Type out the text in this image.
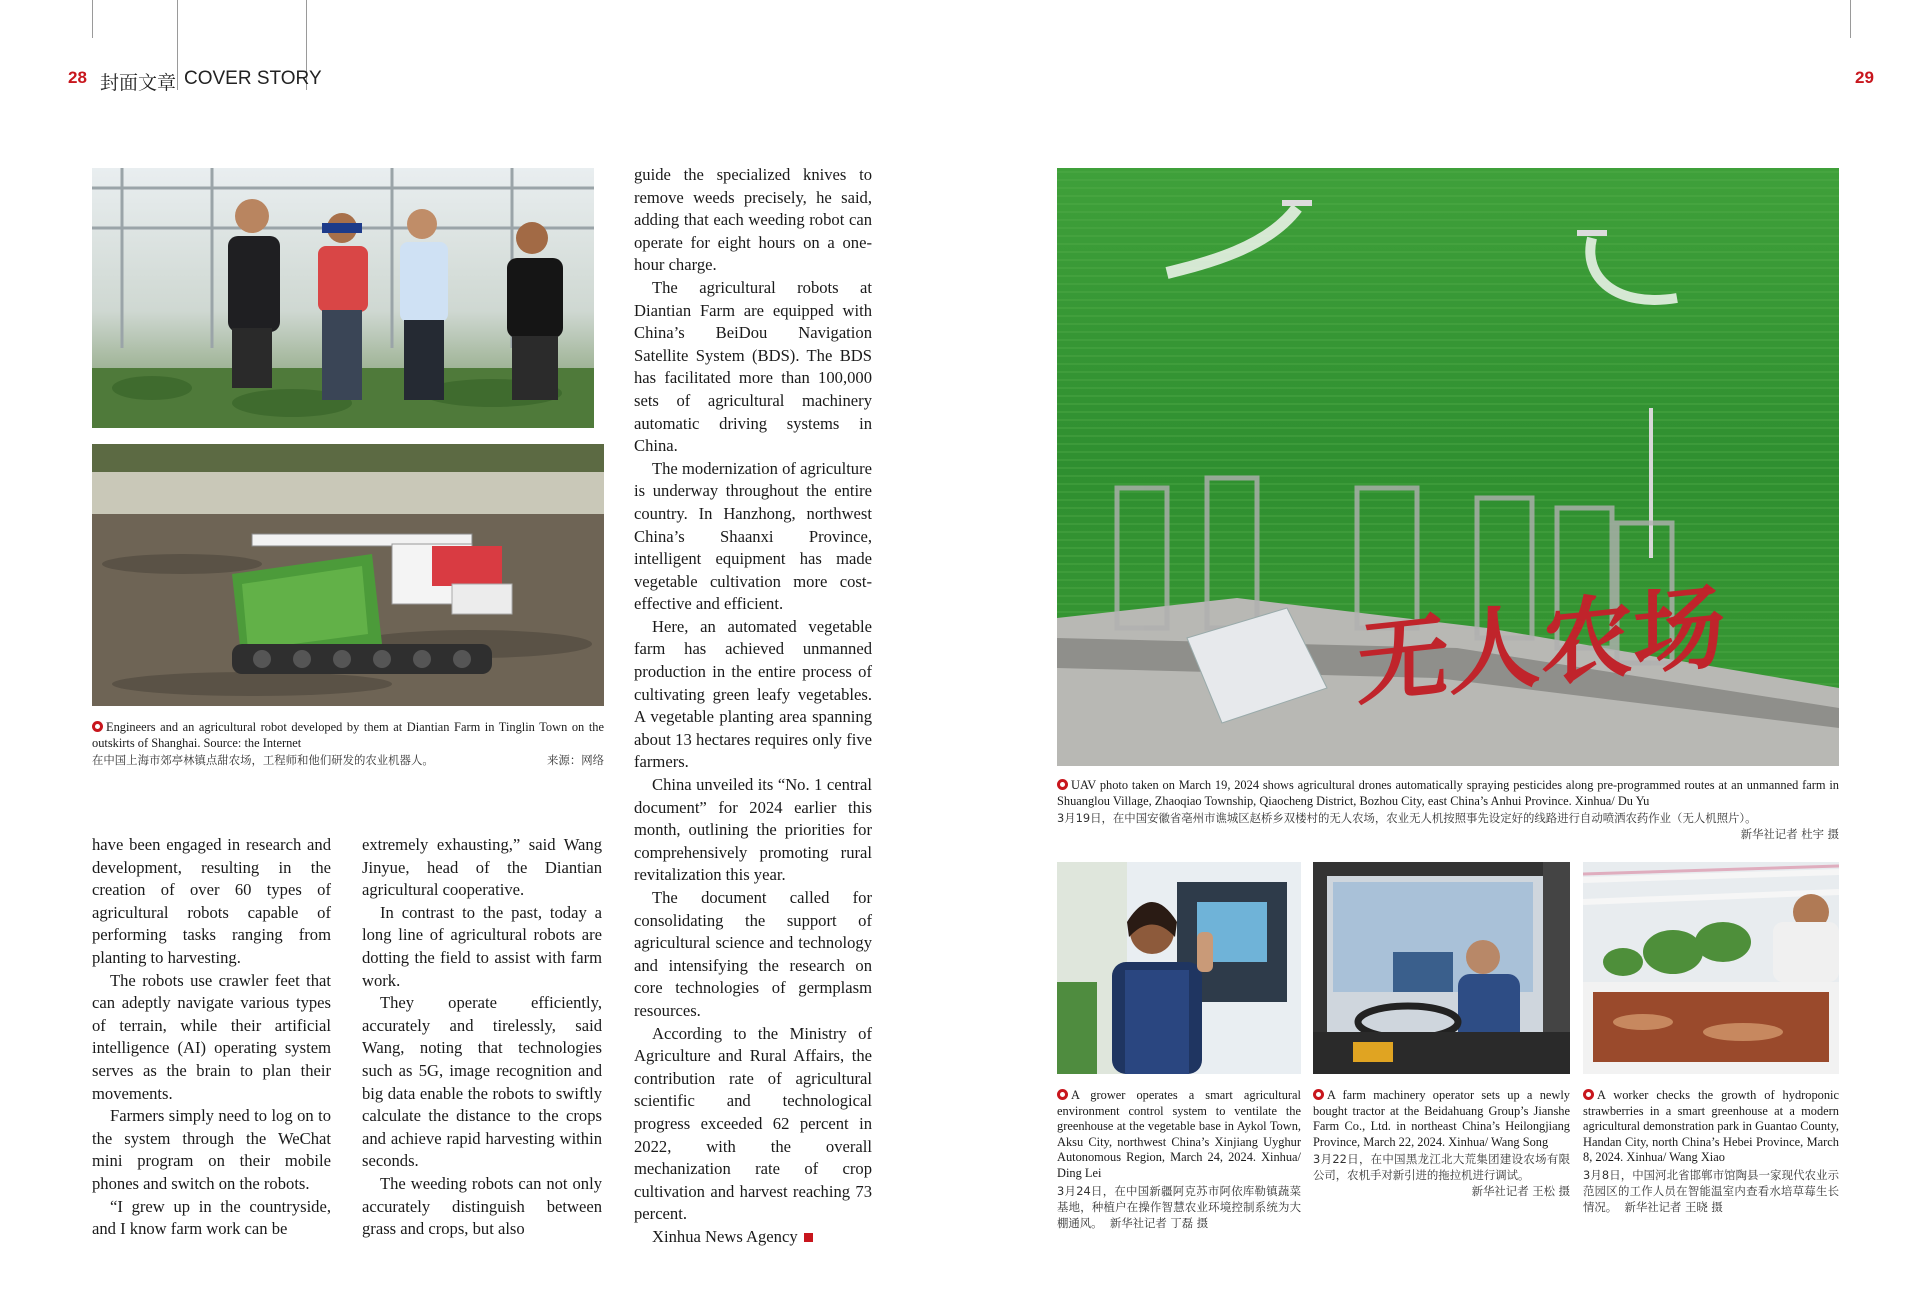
28 封面文章 COVER STORY	29
Engineers and an agricultural robot developed by them at Diantian Farm in Tinglin Town on the outskirts of Shanghai. Source: the Internet
在中国上海市郊亭林镇点甜农场，工程师和他们研发的农业机器人。	来源：网络

have been engaged in research and development, resulting in the creation of over 60 types of agricultural robots capable of performing tasks ranging from planting to harvesting.

The robots use crawler feet that can adeptly navigate various types of terrain, while their artificial intelligence (AI) operating system serves as the brain to plan their movements.

Farmers simply need to log on to the system through the WeChat mini program on their mobile phones and switch on the robots.

“I grew up in the countryside, and I know farm work can be

extremely exhausting,” said Wang Jinyue, head of the Diantian agricultural cooperative.

In contrast to the past, today a long line of agricultural robots are dotting the field to assist with farm work.

They operate efficiently, accurately and tirelessly, said Wang, noting that technologies such as 5G, image recognition and big data enable the robots to swiftly calculate the distance to the crops and achieve rapid harvesting within seconds.

The weeding robots can not only accurately distinguish between grass and crops, but also

guide the specialized knives to remove weeds precisely, he said, adding that each weeding robot can operate for eight hours on a one-hour charge.

The agricultural robots at Diantian Farm are equipped with China’s BeiDou Navigation Satellite System (BDS). The BDS has facilitated more than 100,000 sets of agricultural machinery automatic driving systems in China.

The modernization of agriculture is underway throughout the entire country. In Hanzhong, northwest China’s Shaanxi Province, intelligent equipment has made vegetable cultivation more cost-effective and efficient.

Here, an automated vegetable farm has achieved unmanned production in the entire process of cultivating green leafy vegetables. A vegetable planting area spanning about 13 hectares requires only five farmers.

China unveiled its “No. 1 central document” for 2024 earlier this month, outlining the priorities for comprehensively promoting rural revitalization this year.

The document called for consolidating the support of agricultural science and technology and intensifying the research on core technologies of germplasm resources.

According to the Ministry of Agriculture and Rural Affairs, the contribution rate of agricultural scientific and technological progress exceeded 62 percent in 2022, with the overall mechanization rate of crop cultivation and harvest reaching 73 percent.

Xinhua News Agency

无人农场
UAV photo taken on March 19, 2024 shows agricultural drones automatically spraying pesticides along pre-programmed routes at an unmanned farm in Shuanglou Village, Zhaoqiao Township, Qiaocheng District, Bozhou City, east China’s Anhui Province. Xinhua/ Du Yu
3月19日，在中国安徽省亳州市谯城区赵桥乡双楼村的无人农场，农业无人机按照事先设定好的线路进行自动喷洒农药作业（无人机照片）。
新华社记者 杜宇 摄
A grower operates a smart agricultural environment control system to ventilate the greenhouse at the vegetable base in Aykol Town, Aksu City, northwest China’s Xinjiang Uyghur Autonomous Region, March 24, 2024. Xinhua/ Ding Lei
3月24日，在中国新疆阿克苏市阿依库勒镇蔬菜基地，种植户在操作智慧农业环境控制系统为大棚通风。 新华社记者 丁磊 摄
A farm machinery operator sets up a newly bought tractor at the Beidahuang Group’s Jianshe Farm Co., Ltd. in northeast China’s Heilongjiang Province, March 22, 2024. Xinhua/ Wang Song
3月22日，在中国黑龙江北大荒集团建设农场有限公司，农机手对新引进的拖拉机进行调试。
新华社记者 王松 摄
A worker checks the growth of hydroponic strawberries in a smart greenhouse at a modern agricultural demonstration park in Guantao County, Handan City, north China’s Hebei Province, March 8, 2024. Xinhua/ Wang Xiao
3月8日，中国河北省邯郸市馆陶县一家现代农业示范园区的工作人员在智能温室内查看水培草莓生长情况。 新华社记者 王晓 摄
